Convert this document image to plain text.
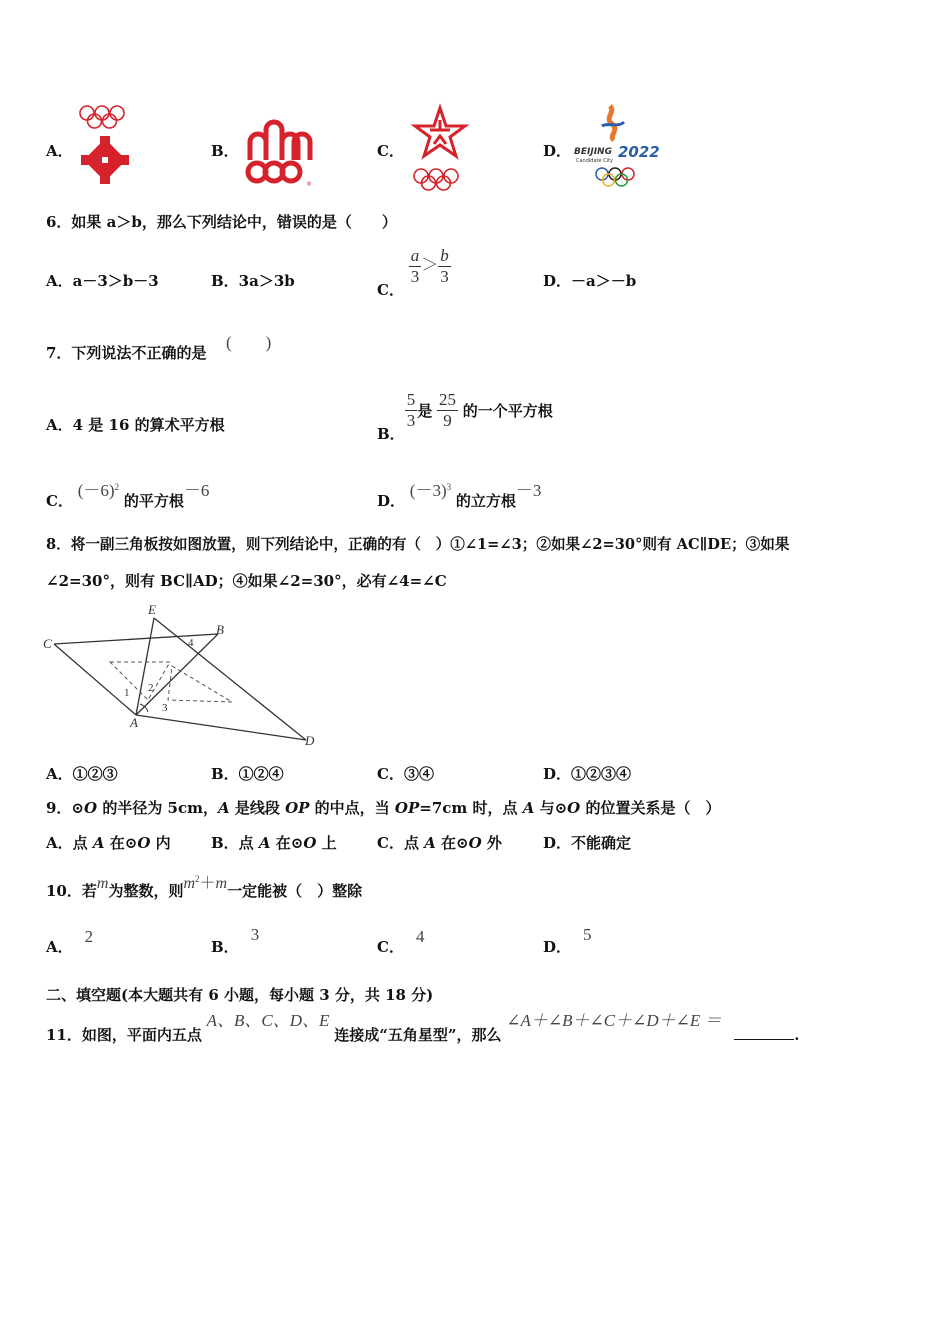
A．	B．
®
C．	D． BEIJING 2022
Candidate City
6．如果 a＞b，那么下列结论中，错误的是（　　）
A．a－3＞b－3	B．3a＞3b	C．
$\frac{a}{3} > \frac{b}{3}$	D．－a＞－b
7．下列说法不正确的是
(　　)
A．4 是 16 的算术平方根	B．
$\frac{5}{3}$ 是 $\frac{25}{9}$ 的一个平方根
C． $(-6)^2$ 的平方根－6
D． $(-3)^3$ 的立方根－3
8．将一副三角板按如图放置，则下列结论中，正确的有（　）①∠1=∠3；②如果∠2=30°则有 AC∥DE；③如果
∠2=30°，则有 BC∥AD；④如果∠2=30°，必有∠4=∠C
C
E
B
A
D
1 2
3
4
A．①②③	B．①②④	C．③④	D．①②③④
9．⊙O 的半径为 5cm，A 是线段 OP 的中点，当 OP=7cm 时，点 A 与⊙O 的位置关系是（　）
A．点 A 在⊙O 内	B．点 A 在⊙O 上	C．点 A 在⊙O 外	D．不能确定
10．若m为整数，则$m^2+m$一定能被（　）整除
A．2
B．3
C．4
D．5
二、填空题(本大题共有 6 小题，每小题 3 分，共 18 分)
11．如图，平面内五点 A、B、C、D、E 连接成“五角星型”，那么 ∠A＋∠B＋∠C＋∠D＋∠E ＝ .
